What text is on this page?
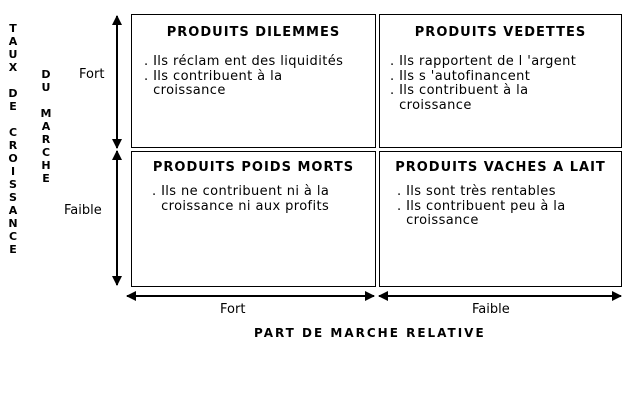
T
A
U
X
D
E
C
R
O
I
S
S
A
N
C
E
D
U
M
A
R
C
H
E
Fort
Faible
PRODUITS DILEMMES
. Ils réclam ent des liquidités
. Ils contribuent à la
croissance
PRODUITS VEDETTES
. Ils rapportent de l 'argent
. Ils s 'autofinancent
. Ils contribuent à la
croissance
PRODUITS POIDS MORTS
. Ils ne contribuent ni à la
croissance ni aux profits
PRODUITS VACHES A LAIT
. Ils sont très rentables
. Ils contribuent peu à la
croissance
Fort	Faible
PART DE MARCHE RELATIVE
